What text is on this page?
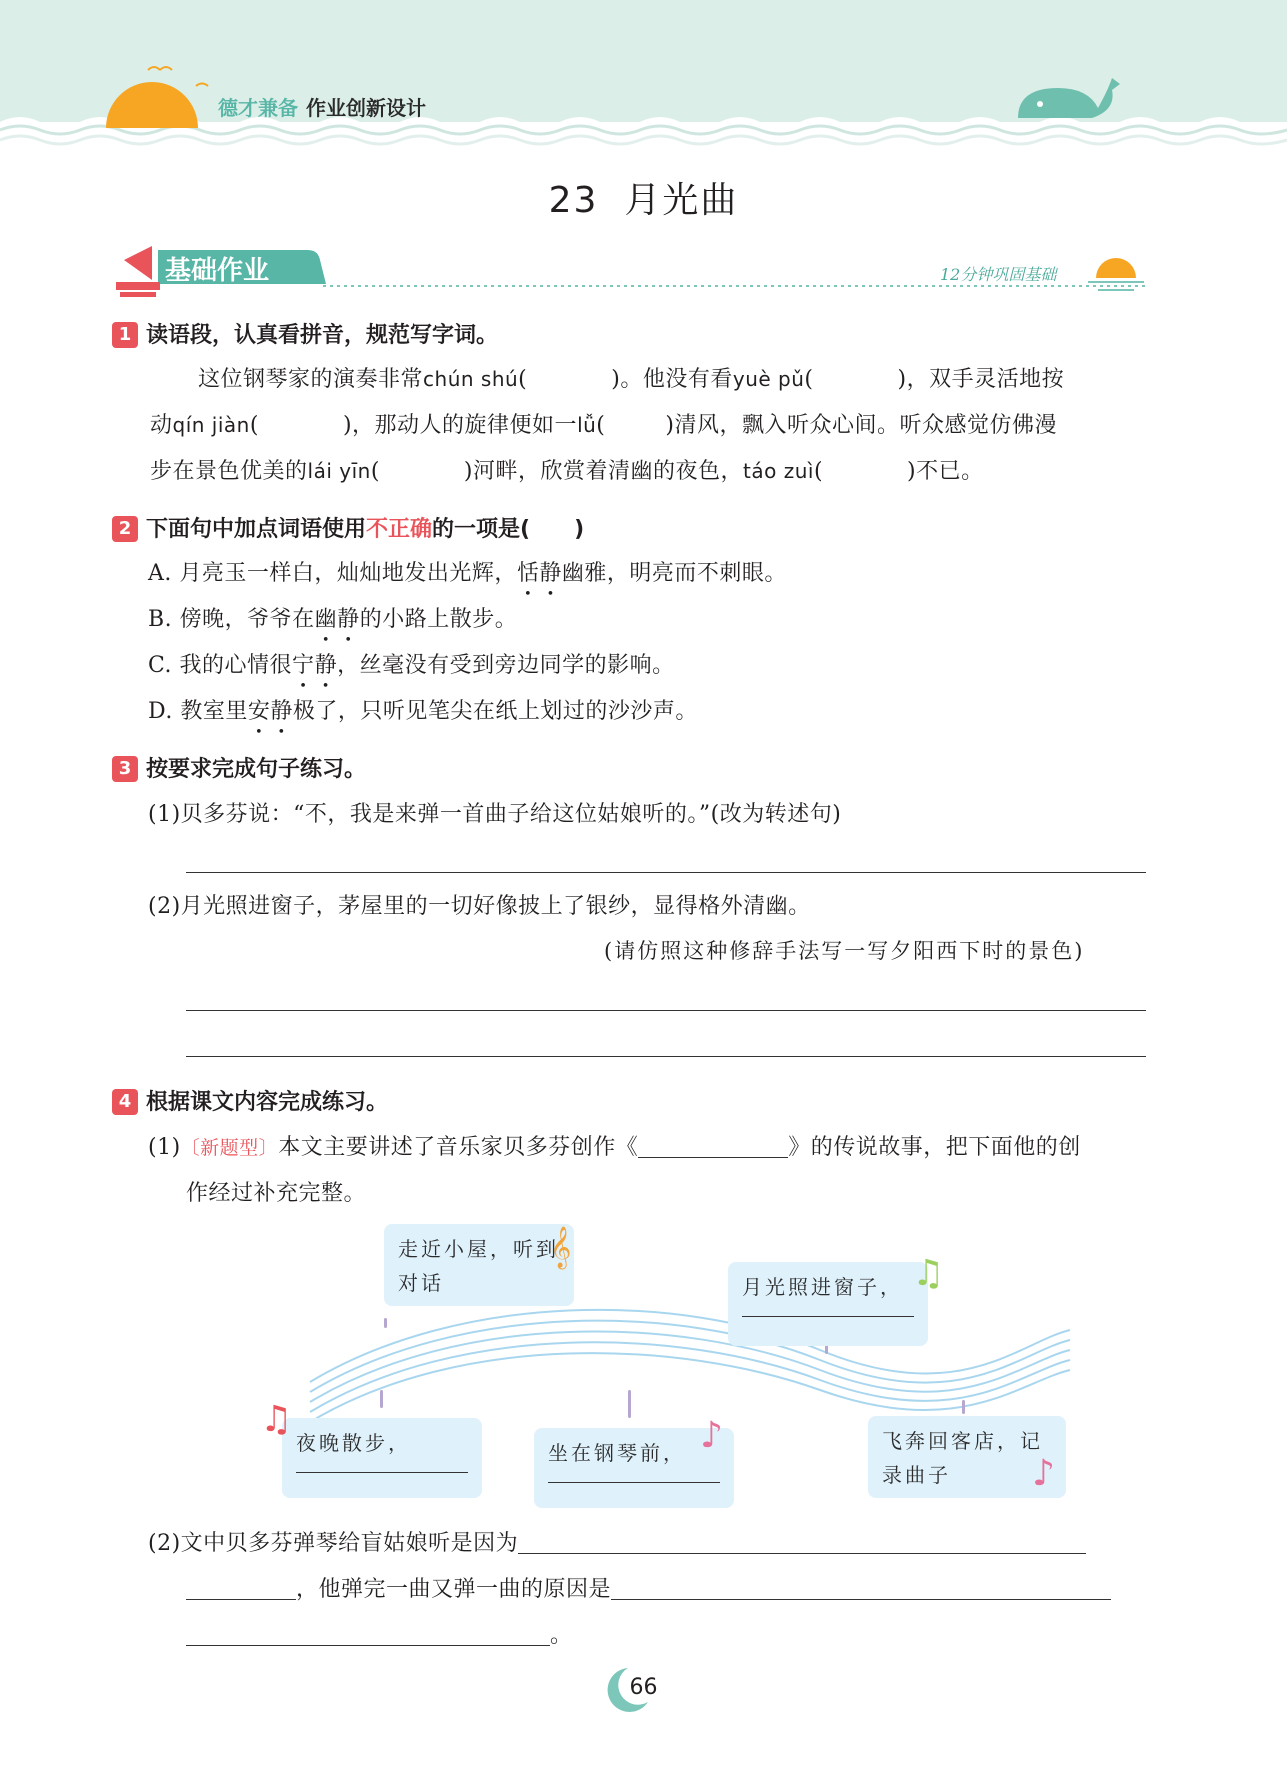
德才兼备 作业创新设计
23 月光曲
基础作业	12分钟巩固基础
1 读语段，认真看拼音，规范写字词。
这位钢琴家的演奏非常chún shú(	)。他没有看yuè pǔ(	)，双手灵活地按
动qín jiàn(	)，那动人的旋律便如一lǚ(	)清风，飘入听众心间。听众感觉仿佛漫
步在景色优美的lái yīn(	)河畔，欣赏着清幽的夜色，táo zuì(	)不已。
2 下面句中加点词语使用不正确的一项是(　　)
A. 月亮玉一样白，灿灿地发出光辉，恬静幽雅，明亮而不刺眼。
B. 傍晚，爷爷在幽静的小路上散步。
C. 我的心情很宁静，丝毫没有受到旁边同学的影响。
D. 教室里安静极了，只听见笔尖在纸上划过的沙沙声。
3 按要求完成句子练习。
(1)贝多芬说：“不，我是来弹一首曲子给这位姑娘听的。”(改为转述句)
(2)月光照进窗子，茅屋里的一切好像披上了银纱，显得格外清幽。
(请仿照这种修辞手法写一写夕阳西下时的景色)
4 根据课文内容完成练习。
(1)〔新题型〕本文主要讲述了音乐家贝多芬创作《	》的传说故事，把下面他的创
作经过补充完整。
走近小屋，听到对话
𝄞
月光照进窗子， ♫
夜晚散步，
♫
坐在钢琴前， ♪	飞奔回客店，记录曲子	♪
(2)文中贝多芬弹琴给盲姑娘听是因为
，他弹完一曲又弹一曲的原因是
。
66
